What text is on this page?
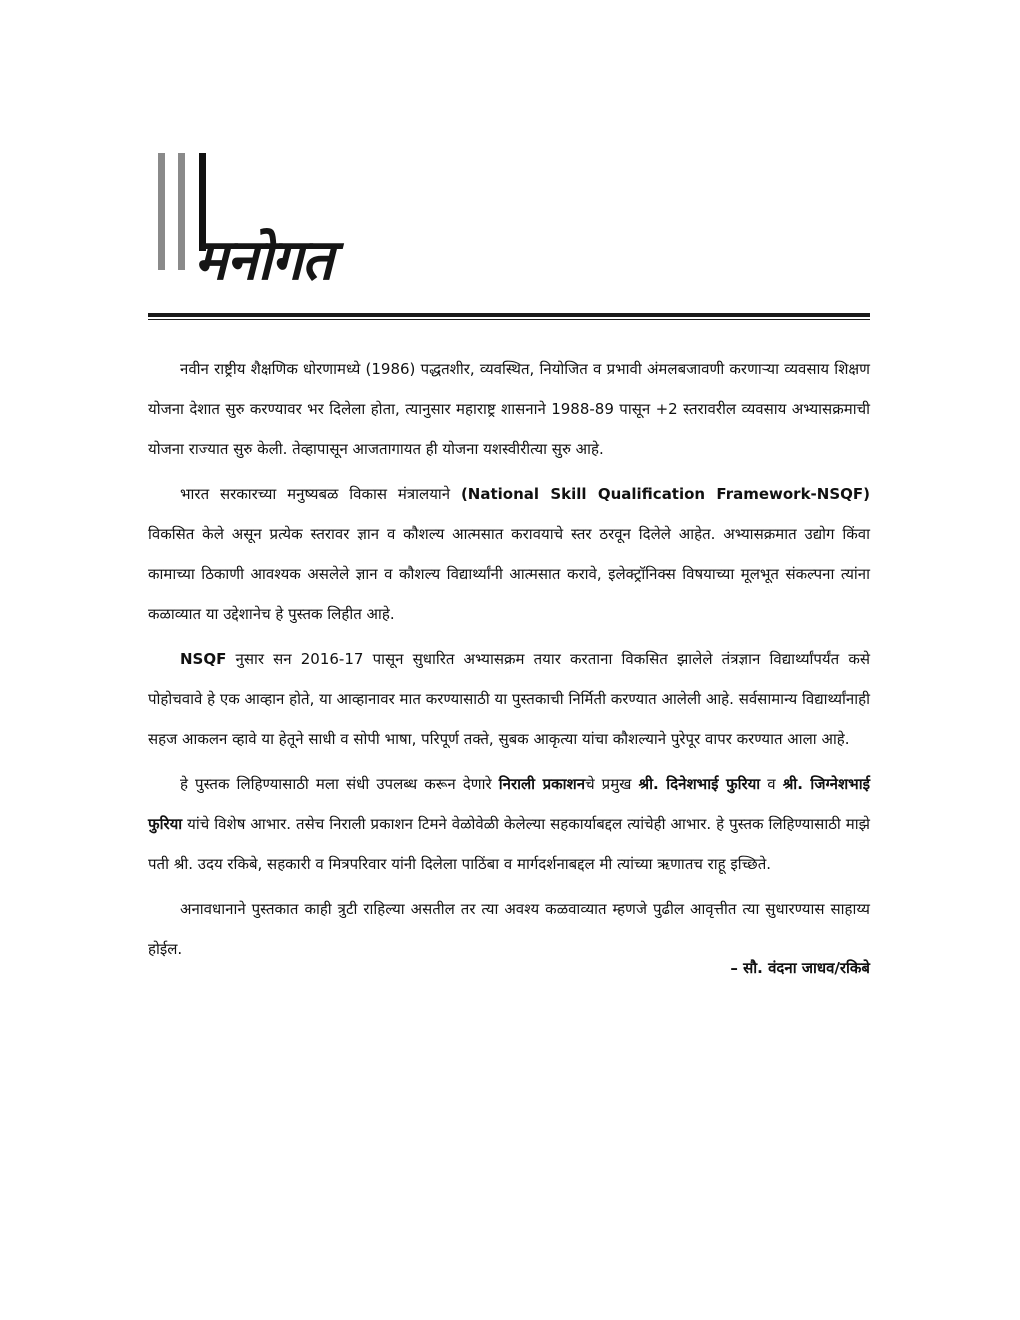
मनोगत

नवीन राष्ट्रीय शैक्षणिक धोरणामध्ये (1986) पद्धतशीर, व्यवस्थित, नियोजित व प्रभावी अंमलबजावणी करणाऱ्या व्यवसाय शिक्षण योजना देशात सुरु करण्यावर भर दिलेला होता, त्यानुसार महाराष्ट्र शासनाने 1988-89 पासून +2 स्तरावरील व्यवसाय अभ्यासक्रमाची योजना राज्यात सुरु केली. तेव्हापासून आजतागायत ही योजना यशस्वीरीत्या सुरु आहे.

भारत सरकारच्या मनुष्यबळ विकास मंत्रालयाने (National Skill Qualification Framework-NSQF) विकसित केले असून प्रत्येक स्तरावर ज्ञान व कौशल्य आत्मसात करावयाचे स्तर ठरवून दिलेले आहेत. अभ्यासक्रमात उद्योग किंवा कामाच्या ठिकाणी आवश्यक असलेले ज्ञान व कौशल्य विद्यार्थ्यांनी आत्मसात करावे, इलेक्ट्रॉनिक्स विषयाच्या मूलभूत संकल्पना त्यांना कळाव्यात या उद्देशानेच हे पुस्तक लिहीत आहे.

NSQF नुसार सन 2016-17 पासून सुधारित अभ्यासक्रम तयार करताना विकसित झालेले तंत्रज्ञान विद्यार्थ्यांपर्यंत कसे पोहोचवावे हे एक आव्हान होते, या आव्हानावर मात करण्यासाठी या पुस्तकाची निर्मिती करण्यात आलेली आहे. सर्वसामान्य विद्यार्थ्यांनाही सहज आकलन व्हावे या हेतूने साधी व सोपी भाषा, परिपूर्ण तक्ते, सुबक आकृत्या यांचा कौशल्याने पुरेपूर वापर करण्यात आला आहे.

हे पुस्तक लिहिण्यासाठी मला संधी उपलब्ध करून देणारे निराली प्रकाशनचे प्रमुख श्री. दिनेशभाई फुरिया व श्री. जिग्नेशभाई फुरिया यांचे विशेष आभार. तसेच निराली प्रकाशन टिमने वेळोवेळी केलेल्या सहकार्याबद्दल त्यांचेही आभार. हे पुस्तक लिहिण्यासाठी माझे पती श्री. उदय रकिबे, सहकारी व मित्रपरिवार यांनी दिलेला पाठिंबा व मार्गदर्शनाबद्दल मी त्यांच्या ऋणातच राहू इच्छिते.

अनावधानाने पुस्तकात काही त्रुटी राहिल्या असतील तर त्या अवश्य कळवाव्यात म्हणजे पुढील आवृत्तीत त्या सुधारण्यास साहाय्य होईल.

– सौ. वंदना जाधव/रकिबे
